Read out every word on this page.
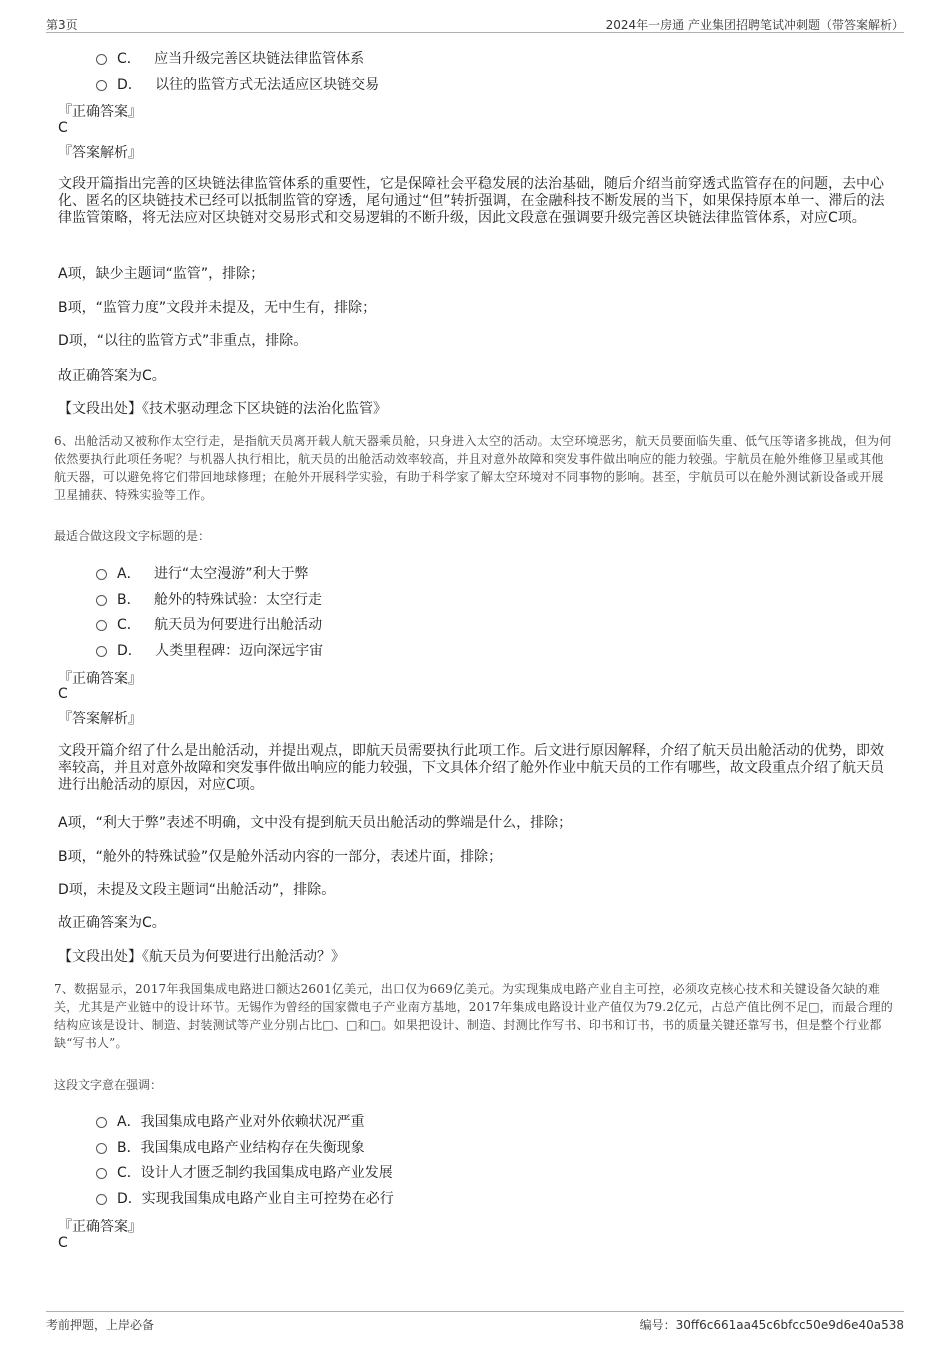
第3页	2024年一房通 产业集团招聘笔试冲刺题（带答案解析）
C． 应当升级完善区块链法律监管体系
D． 以往的监管方式无法适应区块链交易
『正确答案』
C
『答案解析』
文段开篇指出完善的区块链法律监管体系的重要性，它是保障社会平稳发展的法治基础，随后介绍当前穿透式监管存在的问题，去中心化、匿名的区块链技术已经可以抵制监管的穿透，尾句通过“但”转折强调，在金融科技不断发展的当下，如果保持原本单一、滞后的法律监管策略，将无法应对区块链对交易形式和交易逻辑的不断升级，因此文段意在强调要升级完善区块链法律监管体系，对应C项。
A项，缺少主题词“监管”，排除；
B项，“监管力度”文段并未提及，无中生有，排除；
D项，“以往的监管方式”非重点，排除。
故正确答案为C。
【文段出处】《技术驱动理念下区块链的法治化监管》
6、出舱活动又被称作太空行走，是指航天员离开载人航天器乘员舱，只身进入太空的活动。太空环境恶劣，航天员要面临失重、低气压等诸多挑战，但为何依然要执行此项任务呢？与机器人执行相比，航天员的出舱活动效率较高，并且对意外故障和突发事件做出响应的能力较强。宇航员在舱外维修卫星或其他航天器，可以避免将它们带回地球修理；在舱外开展科学实验，有助于科学家了解太空环境对不同事物的影响。甚至，宇航员可以在舱外测试新设备或开展卫星捕获、特殊实验等工作。
最适合做这段文字标题的是：
A． 进行“太空漫游”利大于弊
B． 舱外的特殊试验：太空行走
C． 航天员为何要进行出舱活动
D． 人类里程碑：迈向深远宇宙
『正确答案』
C
『答案解析』
文段开篇介绍了什么是出舱活动，并提出观点，即航天员需要执行此项工作。后文进行原因解释，介绍了航天员出舱活动的优势，即效率较高，并且对意外故障和突发事件做出响应的能力较强，下文具体介绍了舱外作业中航天员的工作有哪些，故文段重点介绍了航天员进行出舱活动的原因，对应C项。
A项，“利大于弊”表述不明确，文中没有提到航天员出舱活动的弊端是什么，排除；
B项，“舱外的特殊试验”仅是舱外活动内容的一部分，表述片面，排除；
D项，未提及文段主题词“出舱活动”，排除。
故正确答案为C。
【文段出处】《航天员为何要进行出舱活动？》
7、数据显示，2017年我国集成电路进口额达2601亿美元，出口仅为669亿美元。为实现集成电路产业自主可控，必须攻克核心技术和关键设备欠缺的难关，尤其是产业链中的设计环节。无锡作为曾经的国家微电子产业南方基地，2017年集成电路设计业产值仅为79.2亿元，占总产值比例不足□，而最合理的结构应该是设计、制造、封装测试等产业分别占比□、□和□。如果把设计、制造、封测比作写书、印书和订书，书的质量关键还靠写书，但是整个行业都缺“写书人”。
这段文字意在强调：
A．我国集成电路产业对外依赖状况严重
B．我国集成电路产业结构存在失衡现象
C．设计人才匮乏制约我国集成电路产业发展
D．实现我国集成电路产业自主可控势在必行
『正确答案』
C
考前押题，上岸必备	编号：30ff6c661aa45c6bfcc50e9d6e40a538
